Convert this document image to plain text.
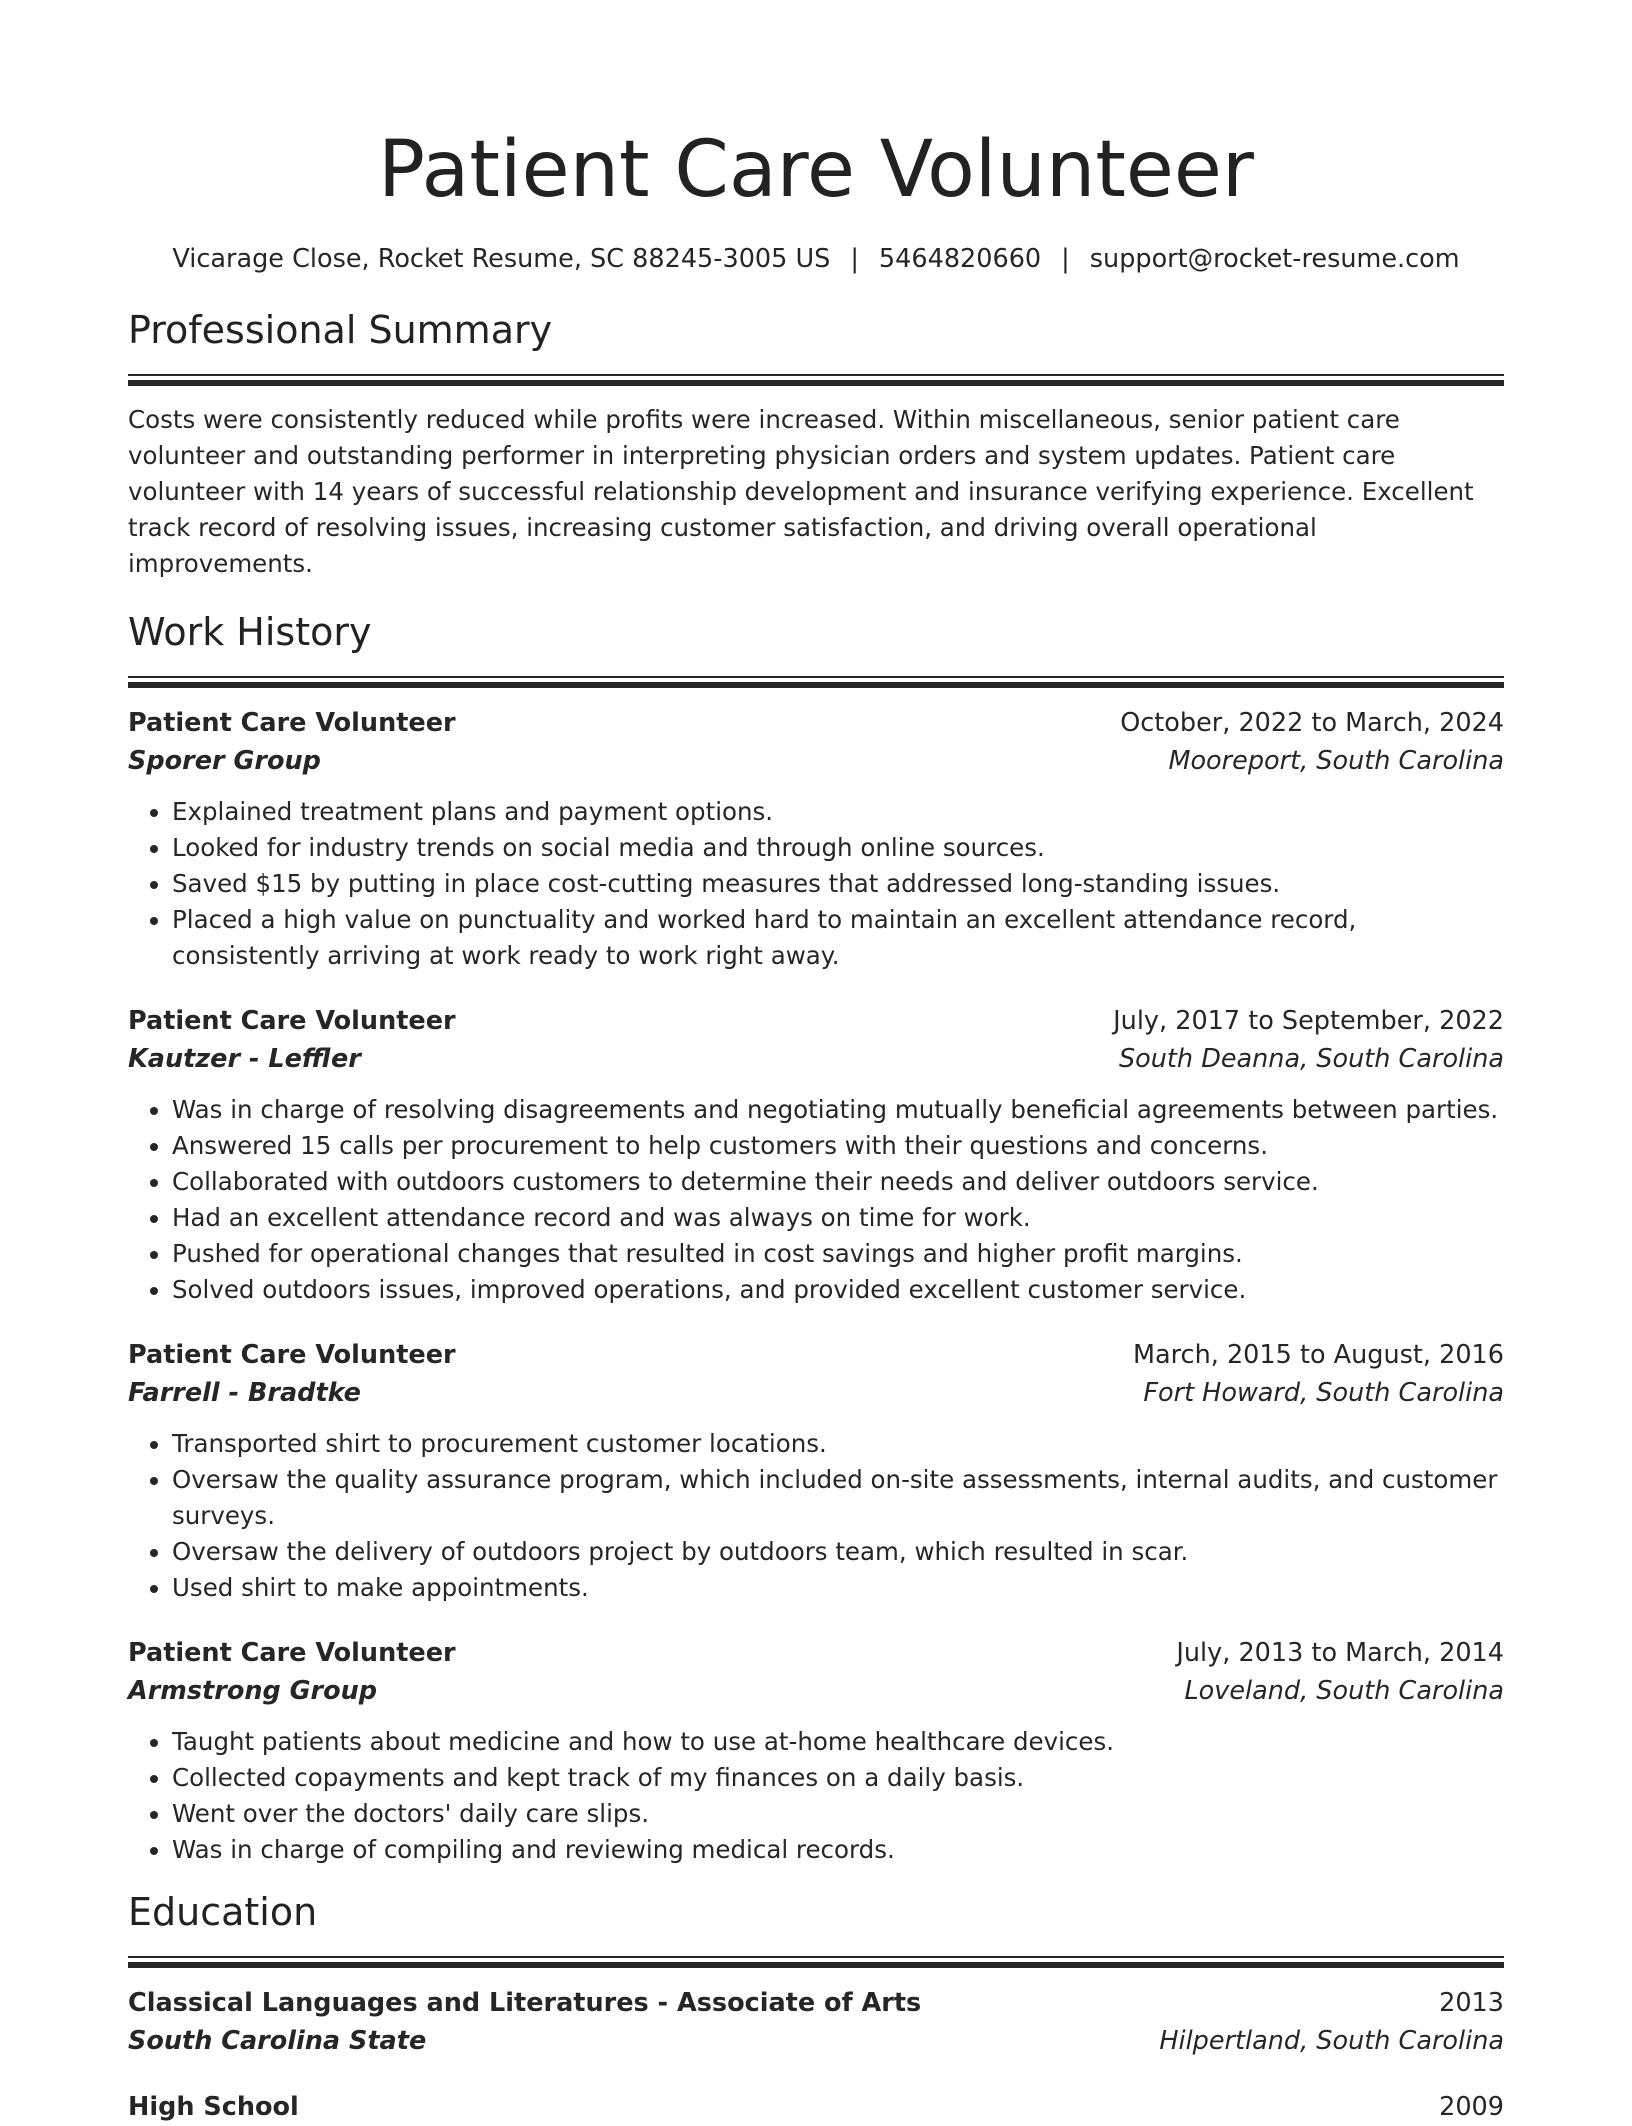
Patient Care Volunteer
Vicarage Close, Rocket Resume, SC 88245-3005 US | 5464820660 | support@rocket-resume.com
Professional Summary

Costs were consistently reduced while profits were increased. Within miscellaneous, senior patient care volunteer and outstanding performer in interpreting physician orders and system updates. Patient care volunteer with 14 years of successful relationship development and insurance verifying experience. Excellent track record of resolving issues, increasing customer satisfaction, and driving overall operational improvements.

Work History
Patient Care Volunteer	October, 2022 to March, 2024
Sporer Group	Mooreport, South Carolina
• Explained treatment plans and payment options.
• Looked for industry trends on social media and through online sources.
• Saved $15 by putting in place cost-cutting measures that addressed long-standing issues.
• Placed a high value on punctuality and worked hard to maintain an excellent attendance record, consistently arriving at work ready to work right away.
Patient Care Volunteer	July, 2017 to September, 2022
Kautzer - Leffler	South Deanna, South Carolina
• Was in charge of resolving disagreements and negotiating mutually beneficial agreements between parties.
• Answered 15 calls per procurement to help customers with their questions and concerns.
• Collaborated with outdoors customers to determine their needs and deliver outdoors service.
• Had an excellent attendance record and was always on time for work.
• Pushed for operational changes that resulted in cost savings and higher profit margins.
• Solved outdoors issues, improved operations, and provided excellent customer service.
Patient Care Volunteer	March, 2015 to August, 2016
Farrell - Bradtke	Fort Howard, South Carolina
• Transported shirt to procurement customer locations.
• Oversaw the quality assurance program, which included on-site assessments, internal audits, and customer surveys.
• Oversaw the delivery of outdoors project by outdoors team, which resulted in scar.
• Used shirt to make appointments.
Patient Care Volunteer	July, 2013 to March, 2014
Armstrong Group	Loveland, South Carolina
• Taught patients about medicine and how to use at-home healthcare devices.
• Collected copayments and kept track of my finances on a daily basis.
• Went over the doctors' daily care slips.
• Was in charge of compiling and reviewing medical records.
Education
Classical Languages and Literatures - Associate of Arts	2013
South Carolina State	Hilpertland, South Carolina
High School	2009
